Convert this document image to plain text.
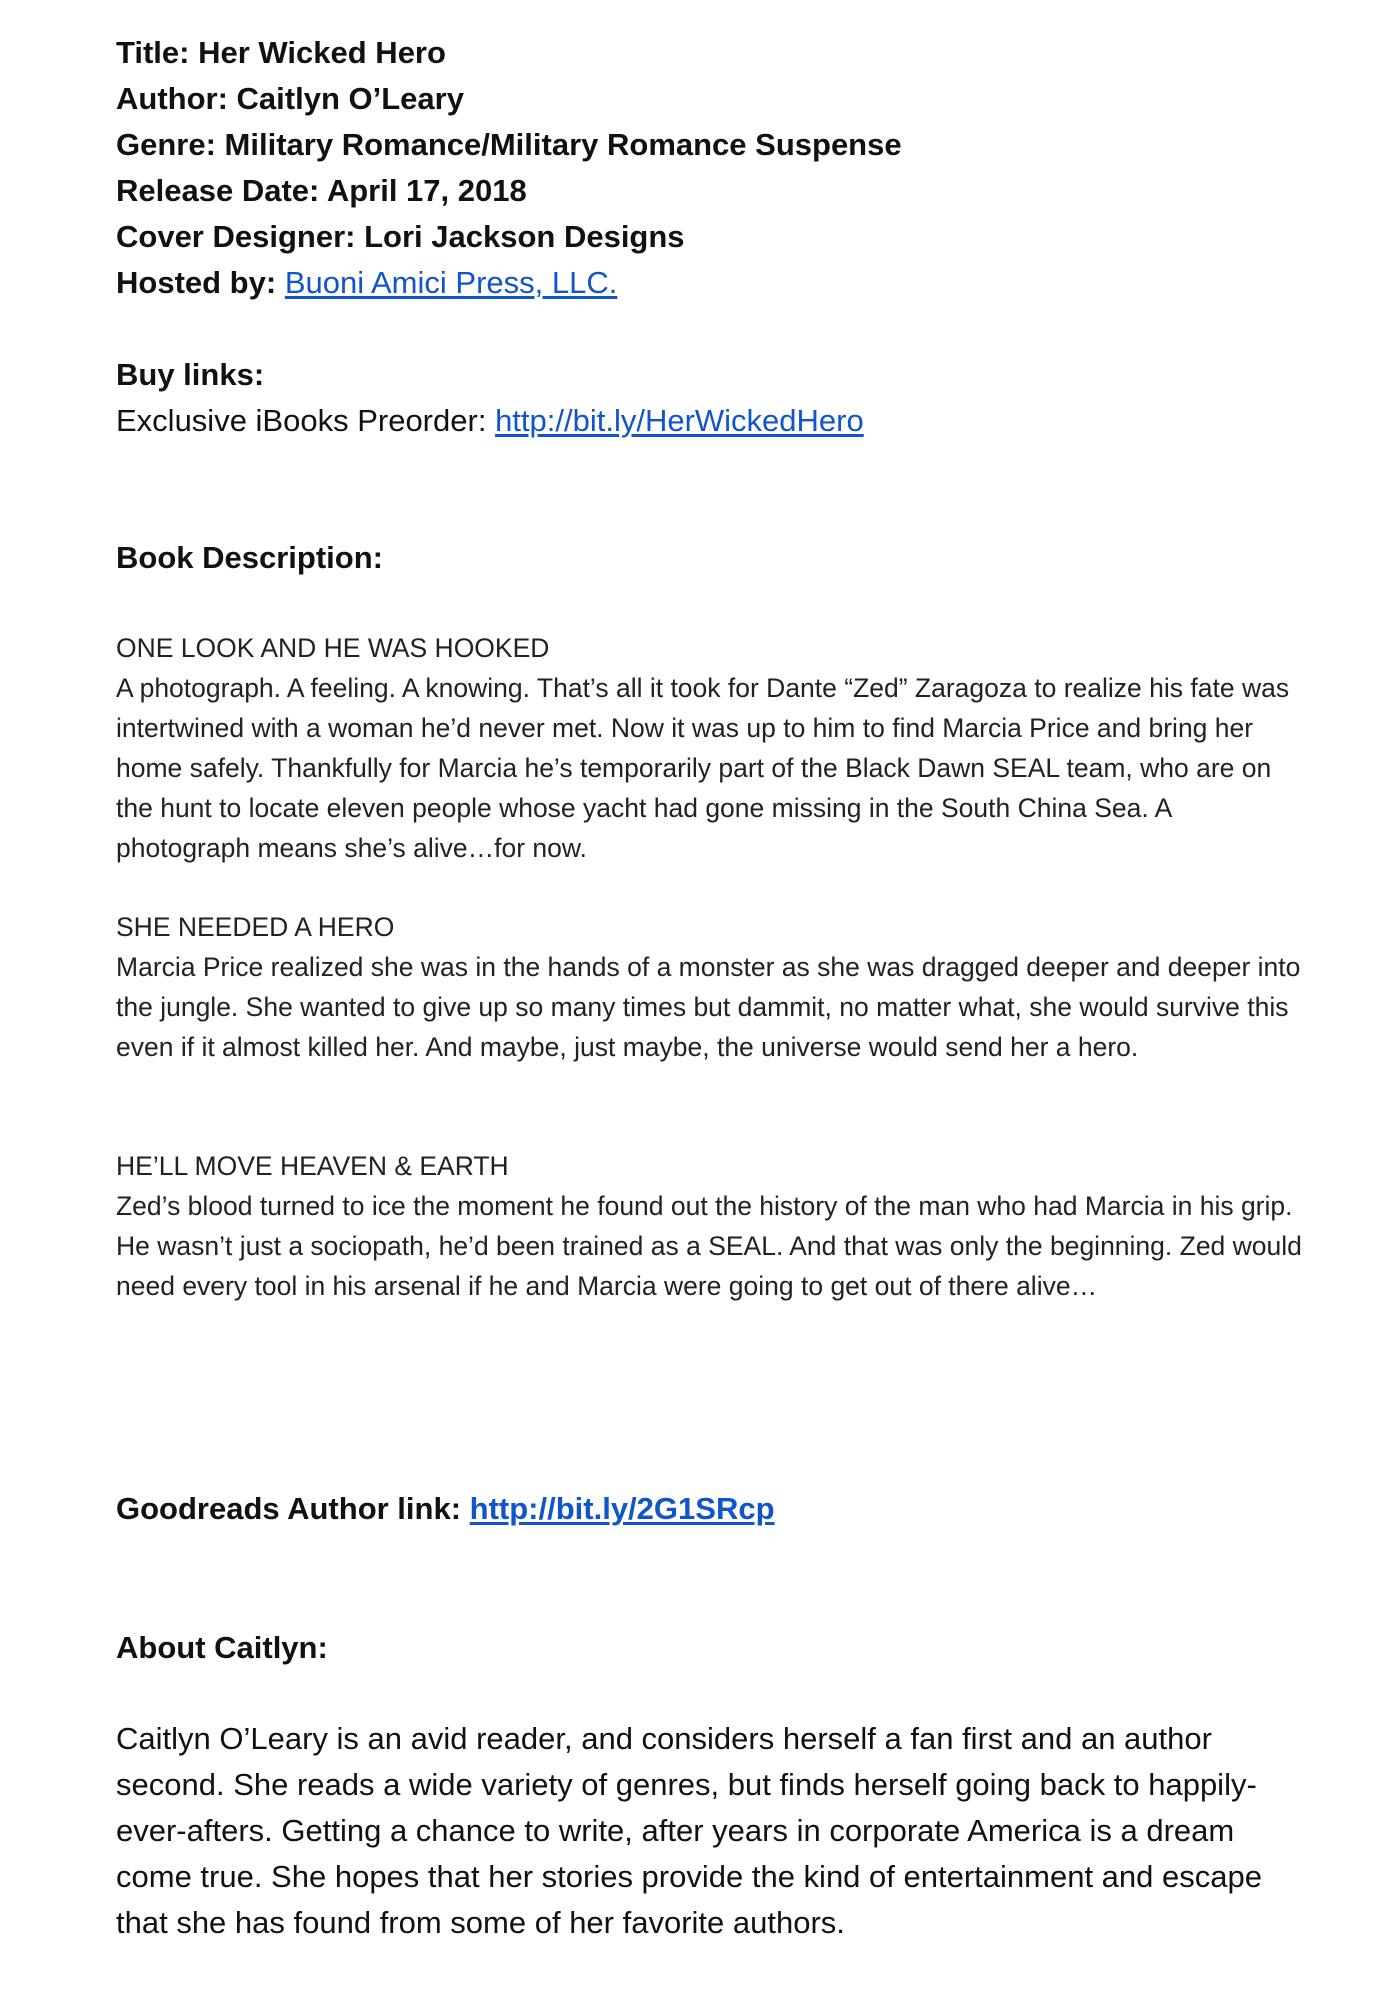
Title: Her Wicked Hero
Author: Caitlyn O’Leary
Genre: Military Romance/Military Romance Suspense
Release Date: April 17, 2018
Cover Designer: Lori Jackson Designs
Hosted by: Buoni Amici Press, LLC.
Buy links:
Exclusive iBooks Preorder: http://bit.ly/HerWickedHero
Book Description:
ONE LOOK AND HE WAS HOOKED
A photograph. A feeling. A knowing. That’s all it took for Dante “Zed” Zaragoza to realize his fate was intertwined with a woman he’d never met. Now it was up to him to find Marcia Price and bring her home safely. Thankfully for Marcia he’s temporarily part of the Black Dawn SEAL team, who are on the hunt to locate eleven people whose yacht had gone missing in the South China Sea. A photograph means she’s alive…for now.
SHE NEEDED A HERO
Marcia Price realized she was in the hands of a monster as she was dragged deeper and deeper into the jungle. She wanted to give up so many times but dammit, no matter what, she would survive this even if it almost killed her. And maybe, just maybe, the universe would send her a hero.
HE’LL MOVE HEAVEN & EARTH
Zed’s blood turned to ice the moment he found out the history of the man who had Marcia in his grip. He wasn’t just a sociopath, he’d been trained as a SEAL. And that was only the beginning. Zed would need every tool in his arsenal if he and Marcia were going to get out of there alive…
Goodreads Author link: http://bit.ly/2G1SRcp
About Caitlyn:
Caitlyn O’Leary is an avid reader, and considers herself a fan first and an author second. She reads a wide variety of genres, but finds herself going back to happily-ever-afters. Getting a chance to write, after years in corporate America is a dream come true. She hopes that her stories provide the kind of entertainment and escape that she has found from some of her favorite authors.
